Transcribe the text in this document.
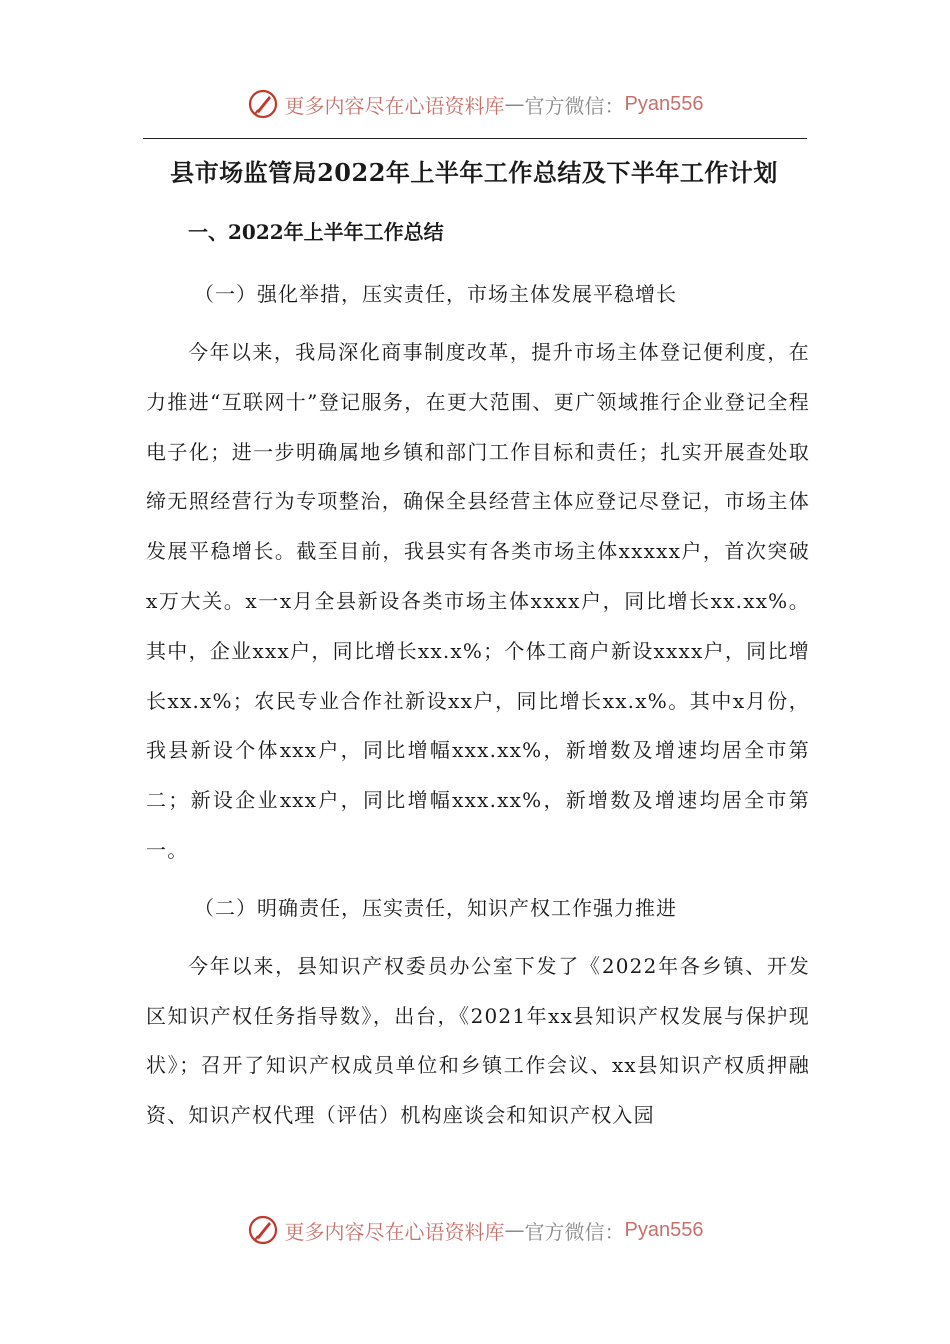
更多内容尽在心语资料库 — 官方微信： Pyan556
县市场监管局2022年上半年工作总结及下半年工作计划
一、2022年上半年工作总结
（一）强化举措，压实责任，市场主体发展平稳增长
今年以来，我局深化商事制度改革，提升市场主体登记便利度，在力推进“互联网十”登记服务，在更大范围、更广领域推行企业登记全程电子化；进一步明确属地乡镇和部门工作目标和责任；扎实开展查处取缔无照经营行为专项整治，确保全县经营主体应登记尽登记，市场主体发展平稳增长。截至目前，我县实有各类市场主体xxxxx户，首次突破x万大关。x一x月全县新设各类市场主体xxxx户，同比增长xx.xx%。其中，企业xxx户，同比增长xx.x%；个体工商户新设xxxx户，同比增长xx.x%；农民专业合作社新设xx户，同比增长xx.x%。其中x月份，我县新设个体xxx户，同比增幅xxx.xx%，新增数及增速均居全市第二；新设企业xxx户，同比增幅xxx.xx%，新增数及增速均居全市第一。
（二）明确责任，压实责任，知识产权工作强力推进
今年以来，县知识产权委员办公室下发了《2022年各乡镇、开发区知识产权任务指导数》，出台，《2021年xx县知识产权发展与保护现状》；召开了知识产权成员单位和乡镇工作会议、xx县知识产权质押融资、知识产权代理（评估）机构座谈会和知识产权入园
更多内容尽在心语资料库 — 官方微信： Pyan556
